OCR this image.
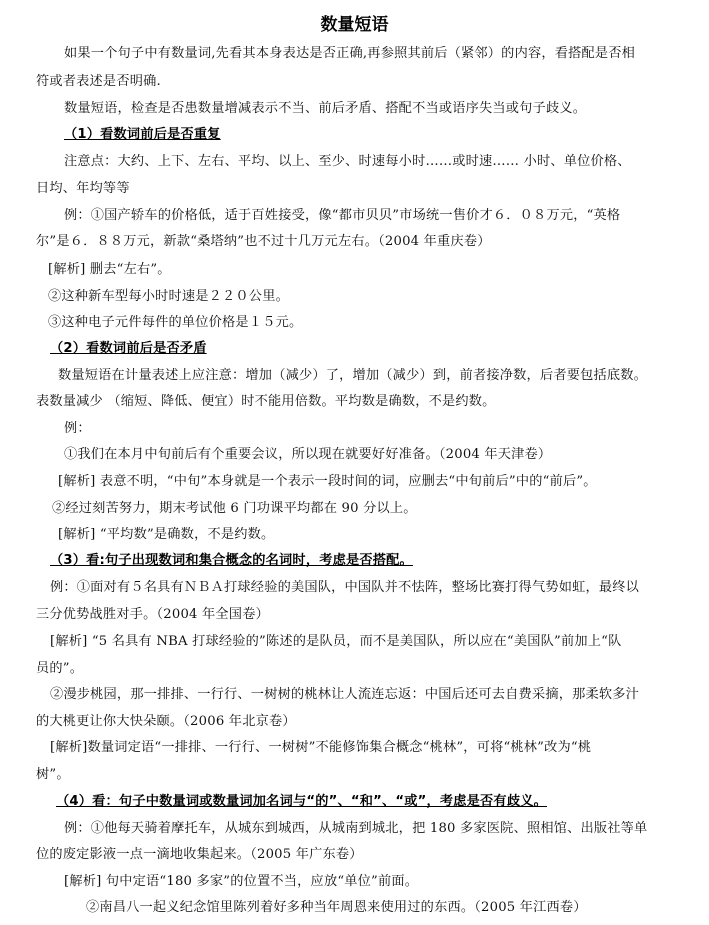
数量短语
如果一个句子中有数量词,先看其本身表达是否正确,再参照其前后（紧邻）的内容，看搭配是否相
符或者表述是否明确.
数量短语，检查是否患数量增减表示不当、前后矛盾、搭配不当或语序失当或句子歧义。
（1）看数词前后是否重复
注意点：大约、上下、左右、平均、以上、至少、时速每小时……或时速…… 小时、单位价格、
日均、年均等等
例：①国产轿车的价格低，适于百姓接受，像“都市贝贝”市场统一售价才６．０８万元，“英格
尔”是６．８８万元，新款“桑塔纳”也不过十几万元左右。（2004 年重庆卷）
[解析] 删去“左右”。
②这种新车型每小时时速是２２０公里。
③这种电子元件每件的单位价格是１５元。
（2）看数词前后是否矛盾
数量短语在计量表述上应注意：增加（减少）了，增加（减少）到，前者接净数，后者要包括底数。
表数量减少 （缩短、降低、便宜）时不能用倍数。平均数是确数，不是约数。
例：
①我们在本月中旬前后有个重要会议，所以现在就要好好准备。（2004 年天津卷）
[解析] 表意不明，“中旬”本身就是一个表示一段时间的词，应删去“中旬前后”中的“前后”。
②经过刻苦努力，期末考试他 6 门功课平均都在 90 分以上。
[解析] “平均数”是确数，不是约数。
（3）看:句子出现数词和集合概念的名词时，考虑是否搭配。
例：①面对有５名具有ＮＢＡ打球经验的美国队，中国队并不怯阵，整场比赛打得气势如虹，最终以
三分优势战胜对手。（2004 年全国卷）
[解析] “5 名具有 NBA 打球经验的”陈述的是队员，而不是美国队，所以应在“美国队”前加上“队
员的”。
②漫步桃园，那一排排、一行行、一树树的桃林让人流连忘返：中国后还可去自费采摘，那柔软多汁
的大桃更让你大快朵颐。（2006 年北京卷）
[解析]数量词定语“一排排、一行行、一树树”不能修饰集合概念“桃林”，可将“桃林”改为“桃
树”。
（4）看：句子中数量词或数量词加名词与“的”、“和”、“或”，考虑是否有歧义。
例：①他每天骑着摩托车，从城东到城西，从城南到城北，把 180 多家医院、照相馆、出版社等单
位的废定影液一点一滴地收集起来。（2005 年广东卷）
[解析] 句中定语“180 多家”的位置不当，应放“单位”前面。
②南昌八一起义纪念馆里陈列着好多种当年周恩来使用过的东西。（2005 年江西卷）
